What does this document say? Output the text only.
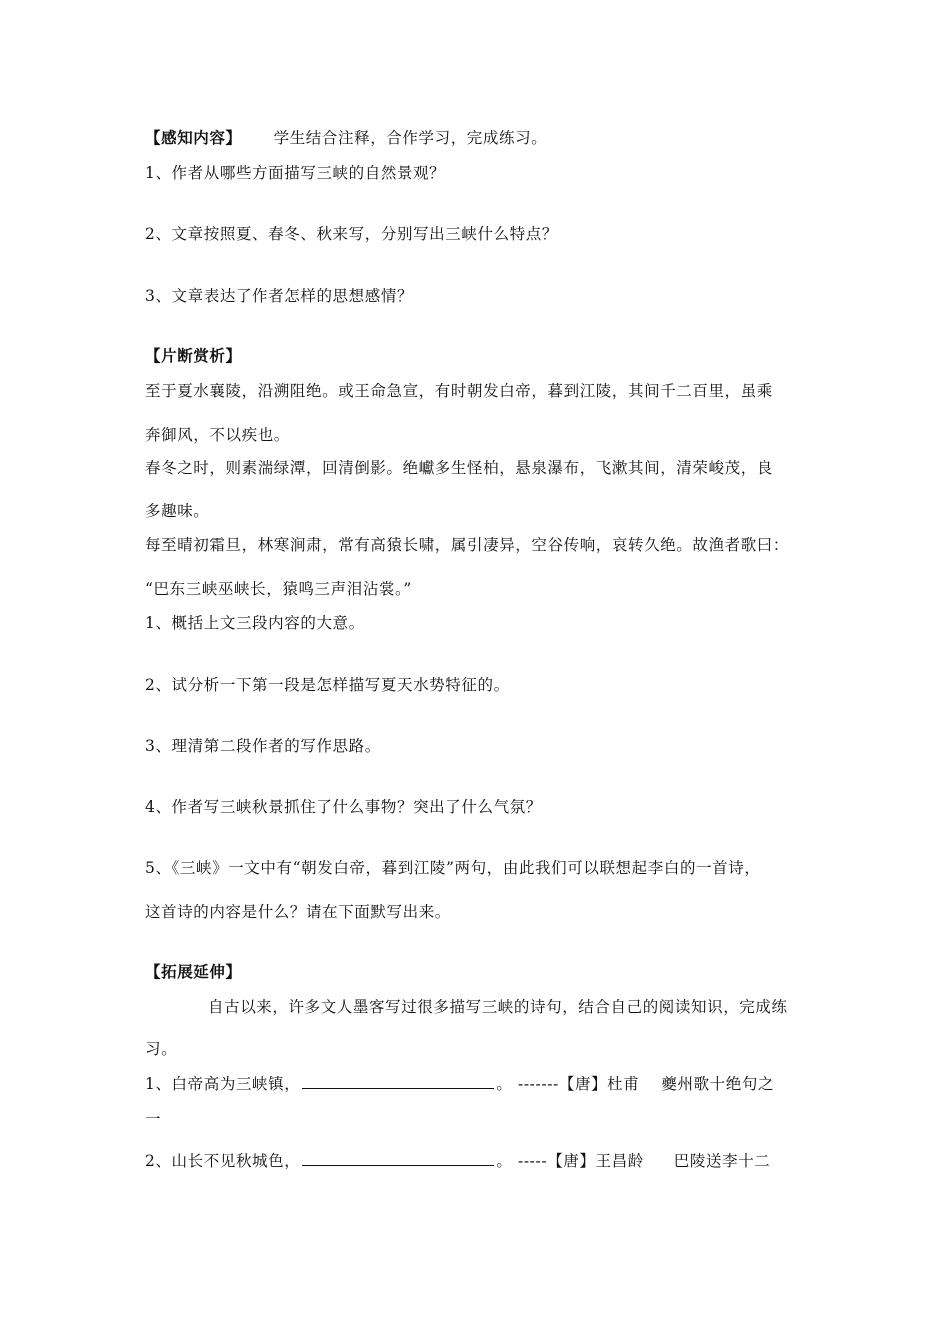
【感知内容】 学生结合注释，合作学习，完成练习。
1、作者从哪些方面描写三峡的自然景观？
2、文章按照夏、春冬、秋来写，分别写出三峡什么特点？
3、文章表达了作者怎样的思想感情？
【片断赏析】
至于夏水襄陵，沿溯阻绝。或王命急宣，有时朝发白帝，暮到江陵，其间千二百里，虽乘
奔御风，不以疾也。
春冬之时，则素湍绿潭，回清倒影。绝巘多生怪柏，悬泉瀑布，飞漱其间，清荣峻茂，良
多趣味。
每至晴初霜旦，林寒涧肃，常有高猿长啸，属引凄异，空谷传响，哀转久绝。故渔者歌曰：
“巴东三峡巫峡长，猿鸣三声泪沾裳。”
1、概括上文三段内容的大意。
2、试分析一下第一段是怎样描写夏天水势特征的。
3、理清第二段作者的写作思路。
4、作者写三峡秋景抓住了什么事物？突出了什么气氛？
5、《三峡》一文中有“朝发白帝，暮到江陵”两句，由此我们可以联想起李白的一首诗，
这首诗的内容是什么？请在下面默写出来。
【拓展延伸】
自古以来，许多文人墨客写过很多描写三峡的诗句，结合自己的阅读知识，完成练
习。
1、白帝高为三峡镇，	。 -------【唐】杜甫 夔州歌十绝句之
一
2、山长不见秋城色，	。 -----【唐】王昌龄 巴陵送李十二
